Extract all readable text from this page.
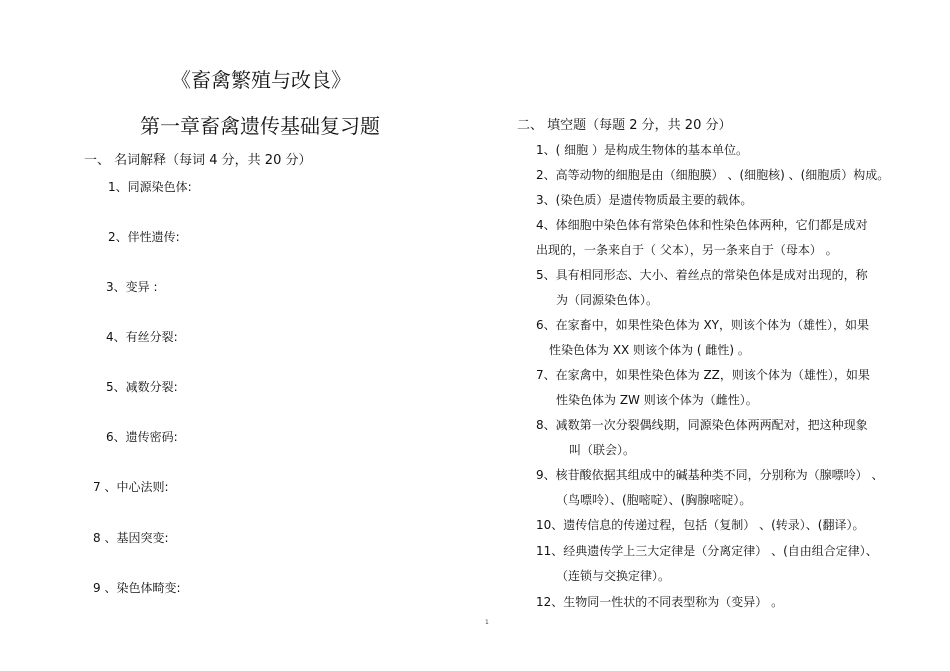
《畜禽繁殖与改良》
第一章畜禽遗传基础复习题
一、 名词解释（每词 4 分，共 20 分）
1、同源染色体:
2、伴性遗传:
3、变异 :
4、有丝分裂:
5、减数分裂:
6、遗传密码:
7 、中心法则:
8 、基因突变:
9 、染色体畸变:
二、 填空题（每题 2 分，共 20 分）
1、( 细胞 ）是构成生物体的基本单位。
2、高等动物的细胞是由（细胞膜） 、(细胞核) 、(细胞质）构成。
3、(染色质）是遗传物质最主要的载体。
4、体细胞中染色体有常染色体和性染色体两种，它们都是成对
出现的，一条来自于（ 父本），另一条来自于（母本） 。
5、具有相同形态、大小、着丝点的常染色体是成对出现的，称
为（同源染色体）。
6、在家畜中，如果性染色体为 XY，则该个体为（雄性），如果
性染色体为 XX 则该个体为 ( 雌性) 。
7、在家禽中，如果性染色体为 ZZ，则该个体为（雄性），如果
性染色体为 ZW 则该个体为（雌性）。
8、减数第一次分裂偶线期，同源染色体两两配对，把这种现象
叫（联会）。
9、核苷酸依据其组成中的碱基种类不同，分别称为（腺嘌呤） 、
（鸟嘌呤）、(胞嘧啶）、(胸腺嘧啶）。
10、遗传信息的传递过程，包括（复制） 、(转录）、(翻译）。
11、经典遗传学上三大定律是（分离定律） 、(自由组合定律）、
（连锁与交换定律）。
12、生物同一性状的不同表型称为（变异） 。
1
